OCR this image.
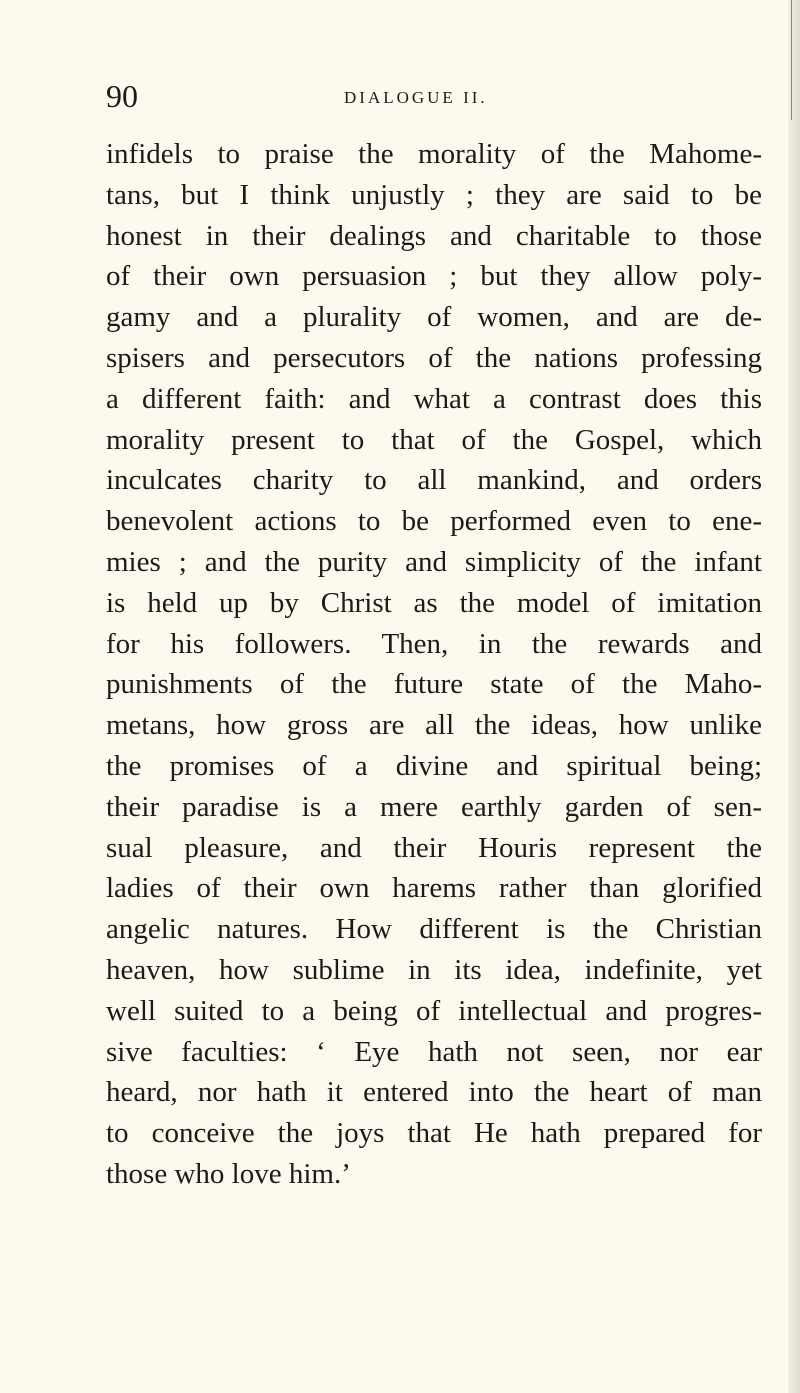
90	DIALOGUE II.
infidels to praise the morality of the Mahome-
tans, but I think unjustly ; they are said to be
honest in their dealings and charitable to those
of their own persuasion ; but they allow poly-
gamy and a plurality of women, and are de-
spisers and persecutors of the nations professing
a different faith: and what a contrast does this
morality present to that of the Gospel, which
inculcates charity to all mankind, and orders
benevolent actions to be performed even to ene-
mies ; and the purity and simplicity of the infant
is held up by Christ as the model of imitation
for his followers. Then, in the rewards and
punishments of the future state of the Maho-
metans, how gross are all the ideas, how unlike
the promises of a divine and spiritual being;
their paradise is a mere earthly garden of sen-
sual pleasure, and their Houris represent the
ladies of their own harems rather than glorified
angelic natures. How different is the Christian
heaven, how sublime in its idea, indefinite, yet
well suited to a being of intellectual and progres-
sive faculties: ‘ Eye hath not seen, nor ear
heard, nor hath it entered into the heart of man
to conceive the joys that He hath prepared for
those who love him.’
